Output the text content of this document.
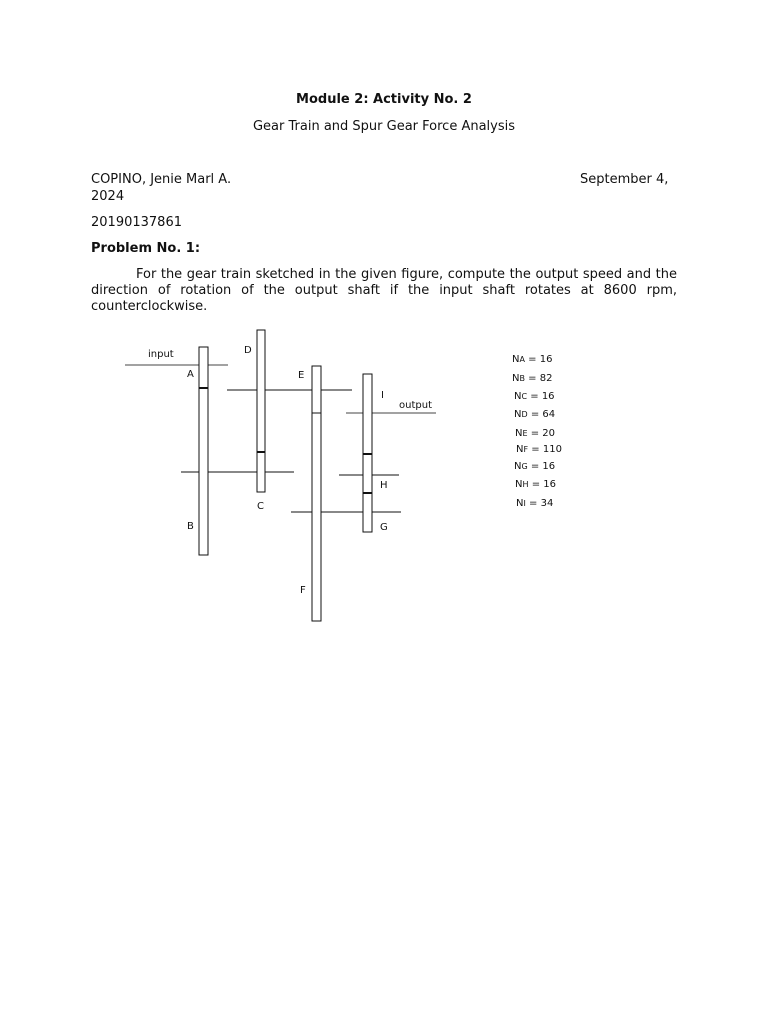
Module 2: Activity No. 2
Gear Train and Spur Gear Force Analysis
COPINO, Jenie Marl A.	September 4,
2024
20190137861
Problem No. 1:

For the gear train sketched in the given figure, compute the output speed and the direction of rotation of the output shaft if the input shaft rotates at 8600 rpm, counterclockwise.

input
output
A
B
C
D
E
F
G
H
I
NA = 16
NB = 82
NC = 16
ND = 64
NE = 20
NF = 110
NG = 16
NH = 16
NI = 34
